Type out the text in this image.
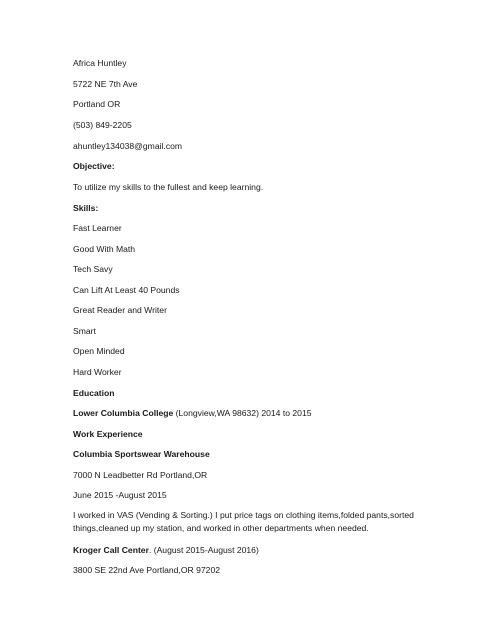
Africa Huntley
5722 NE 7th Ave
Portland OR
(503) 849-2205
ahuntley134038@gmail.com
Objective:
To utilize my skills to the fullest and keep learning.
Skills:
Fast Learner
Good With Math
Tech Savy
Can Lift At Least 40 Pounds
Great Reader and Writer
Smart
Open Minded
Hard Worker
Education
Lower Columbia College (Longview,WA 98632) 2014 to 2015
Work Experience
Columbia Sportswear Warehouse
7000 N Leadbetter Rd Portland,OR
June 2015 -August 2015
I worked in VAS (Vending & Sorting.) I put price tags on clothing items,folded pants,sorted things,cleaned up my station, and worked in other departments when needed.
Kroger Call Center. (August 2015-August 2016)
3800 SE 22nd Ave Portland,OR 97202
